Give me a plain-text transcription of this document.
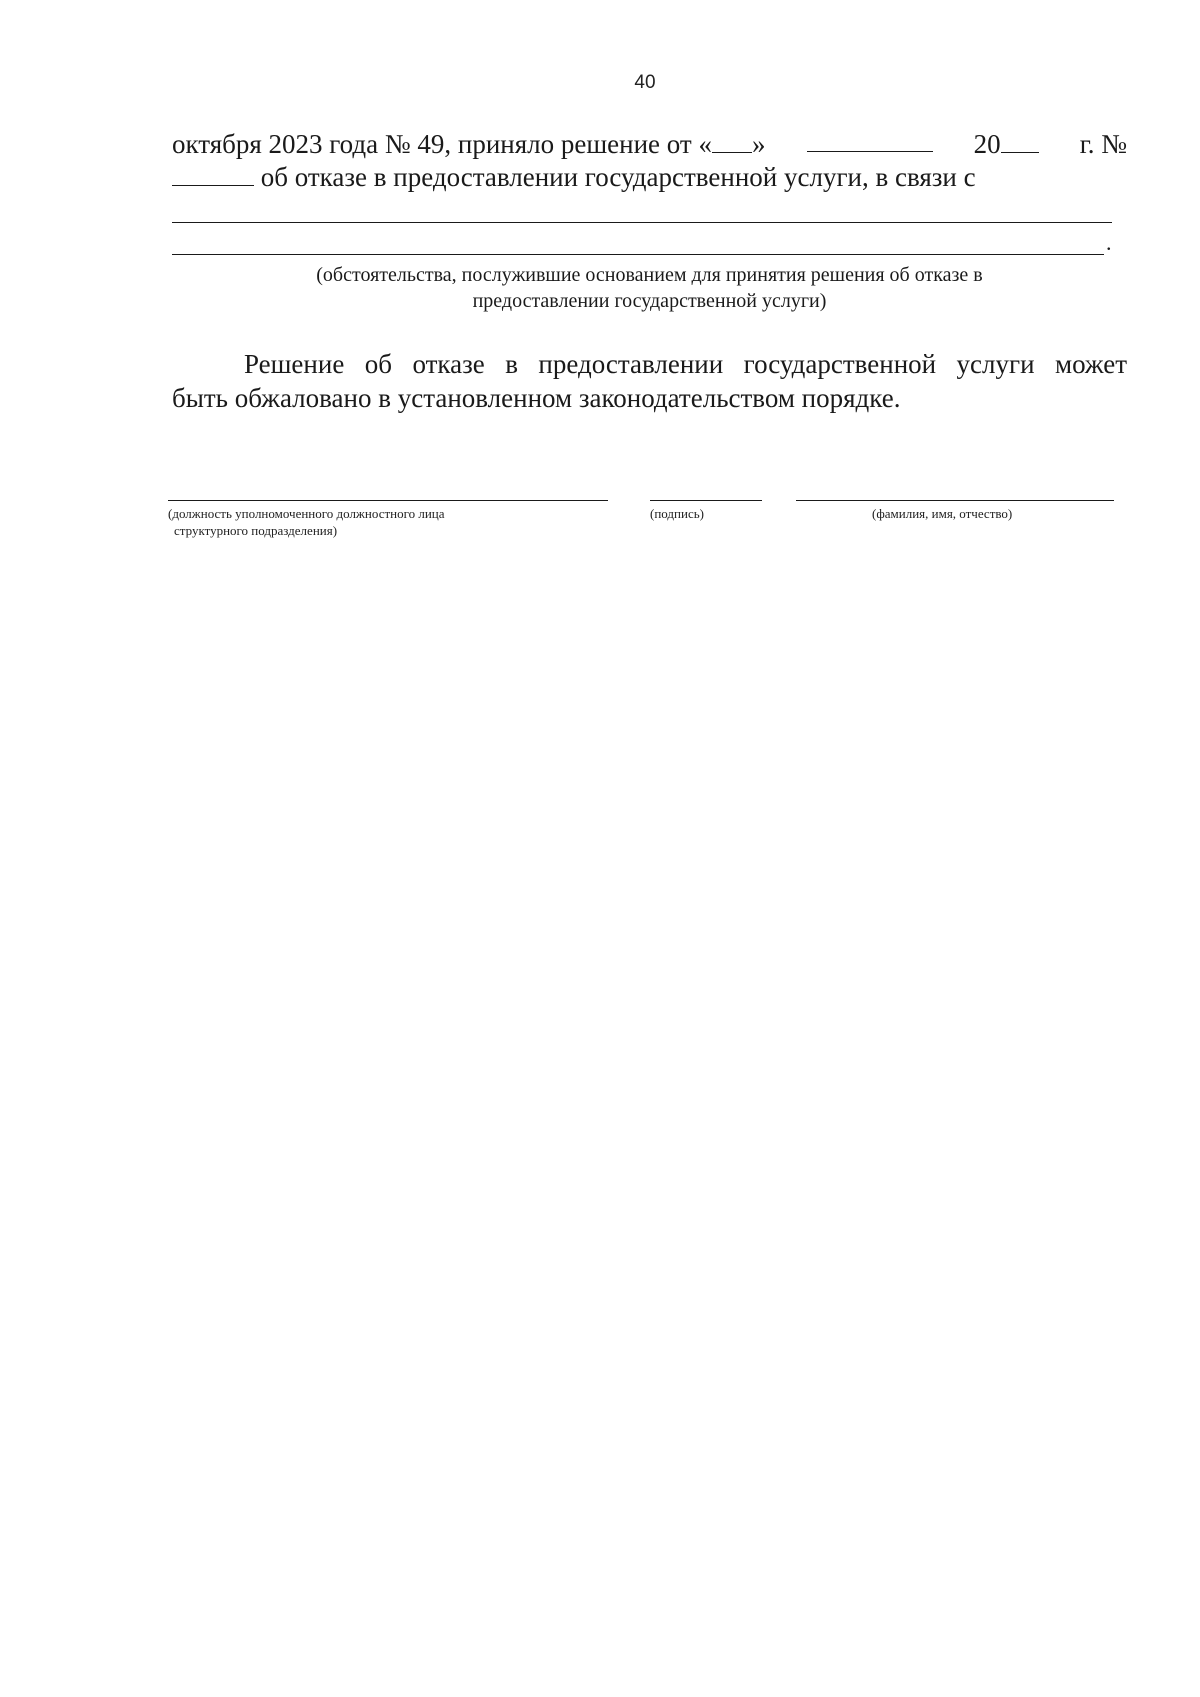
40
октября 2023 года № 49, приняло решение от « »	20	г. №
об отказе в предоставлении государственной услуги, в связи с
.
(обстоятельства, послужившие основанием для принятия решения об отказе в
предоставлении государственной услуги)
Решение об отказе в предоставлении государственной услуги может
быть обжаловано в установленном законодательством порядке.
(должность уполномоченного должностного лица
структурного подразделения)
(подпись)	(фамилия, имя, отчество)
